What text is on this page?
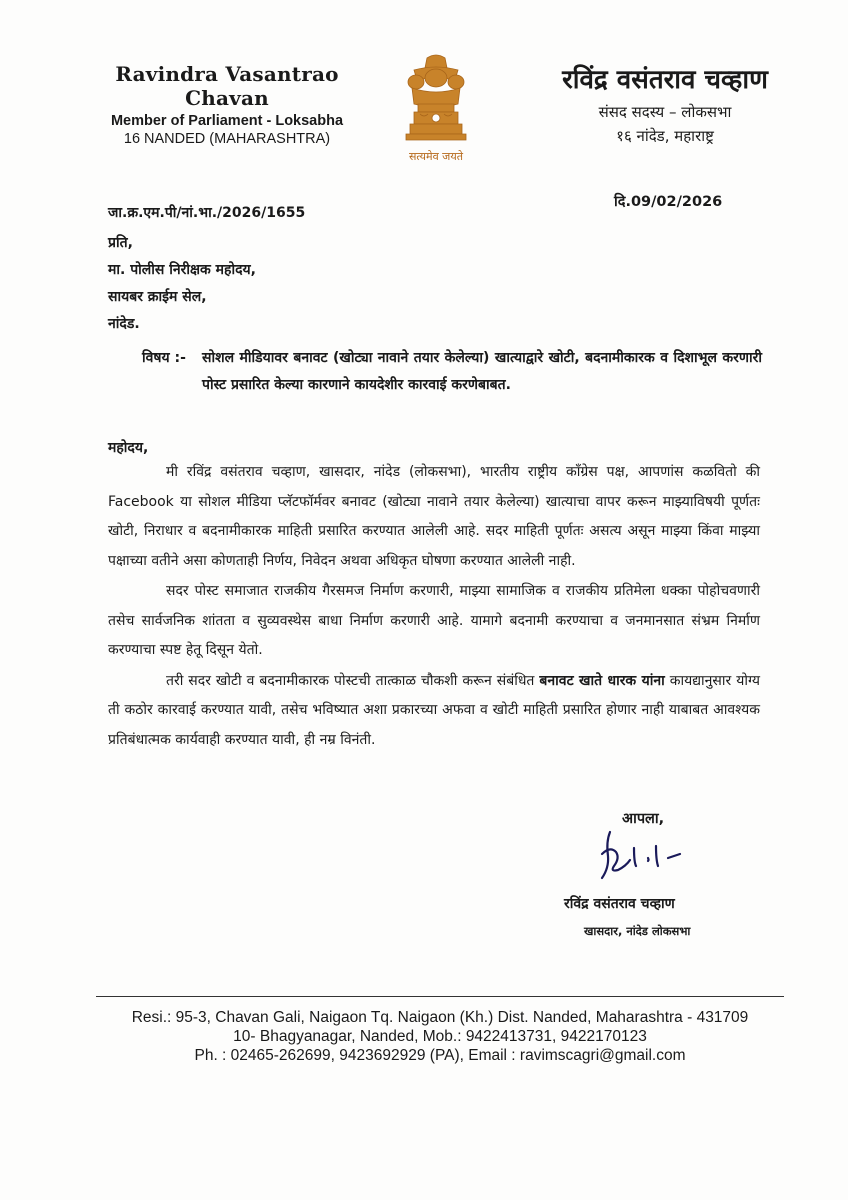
Ravindra Vasantrao Chavan
Member of Parliament - Loksabha
16 NANDED (MAHARASHTRA)
सत्यमेव जयते
रविंद्र वसंतराव चव्हाण
संसद सदस्य – लोकसभा
१६ नांदेड, महाराष्ट्र
दि.09/02/2026
जा.क्र.एम.पी/नां.भा./2026/1655
प्रति,
मा. पोलीस निरीक्षक महोदय,
सायबर क्राईम सेल,
नांदेड.
विषय :- सोशल मीडियावर बनावट (खोट्या नावाने तयार केलेल्या) खात्याद्वारे खोटी, बदनामीकारक व दिशाभूल करणारी पोस्ट प्रसारित केल्या कारणाने कायदेशीर कारवाई करणेबाबत.
महोदय,

मी रविंद्र वसंतराव चव्हाण, खासदार, नांदेड (लोकसभा), भारतीय राष्ट्रीय कॉंग्रेस पक्ष, आपणांस कळवितो की Facebook या सोशल मीडिया प्लॅटफॉर्मवर बनावट (खोट्या नावाने तयार केलेल्या) खात्याचा वापर करून माझ्याविषयी पूर्णतः खोटी, निराधार व बदनामीकारक माहिती प्रसारित करण्यात आलेली आहे. सदर माहिती पूर्णतः असत्य असून माझ्या किंवा माझ्या पक्षाच्या वतीने असा कोणताही निर्णय, निवेदन अथवा अधिकृत घोषणा करण्यात आलेली नाही.

सदर पोस्ट समाजात राजकीय गैरसमज निर्माण करणारी, माझ्या सामाजिक व राजकीय प्रतिमेला धक्का पोहोचवणारी तसेच सार्वजनिक शांतता व सुव्यवस्थेस बाधा निर्माण करणारी आहे. यामागे बदनामी करण्याचा व जनमानसात संभ्रम निर्माण करण्याचा स्पष्ट हेतू दिसून येतो.

तरी सदर खोटी व बदनामीकारक पोस्टची तात्काळ चौकशी करून संबंधित बनावट खाते धारक यांना कायद्यानुसार योग्य ती कठोर कारवाई करण्यात यावी, तसेच भविष्यात अशा प्रकारच्या अफवा व खोटी माहिती प्रसारित होणार नाही याबाबत आवश्यक प्रतिबंधात्मक कार्यवाही करण्यात यावी, ही नम्र विनंती.

आपला,
रविंद्र वसंतराव चव्हाण
खासदार, नांदेड लोकसभा
Resi.: 95-3, Chavan Gali, Naigaon Tq. Naigaon (Kh.) Dist. Nanded, Maharashtra - 431709
10- Bhagyanagar, Nanded, Mob.: 9422413731, 9422170123
Ph. : 02465-262699, 9423692929 (PA), Email : ravimscagri@gmail.com
